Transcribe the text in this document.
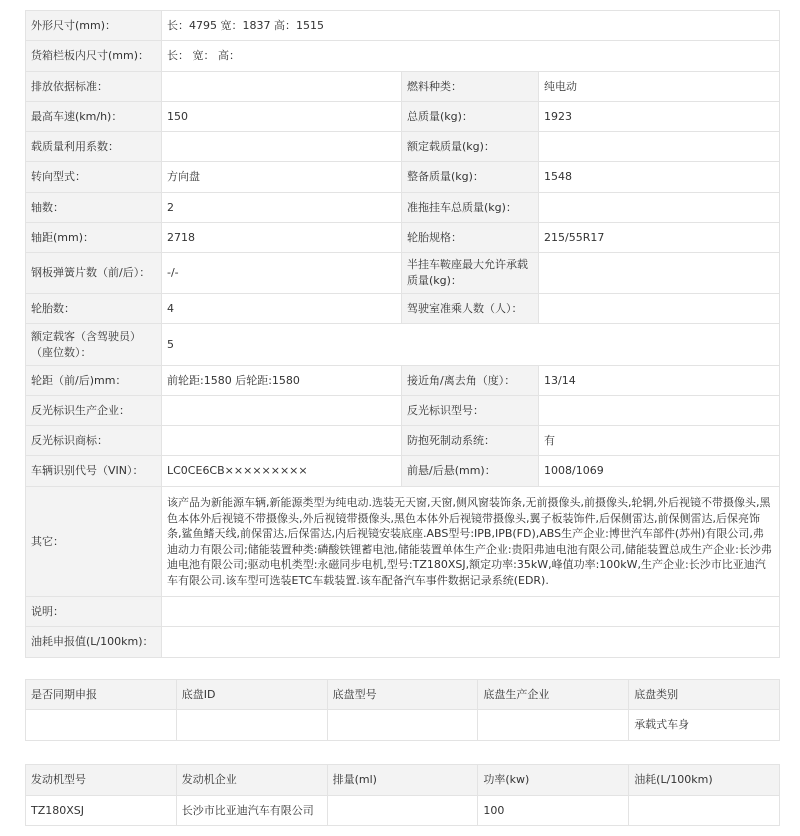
外形尺寸(mm)：	长：4795 宽：1837 高：1515		
货箱栏板内尺寸(mm)：	长： 宽： 高：		
排放依据标准：		燃料种类：	纯电动
最高车速(km/h)：	150	总质量(kg)：	1923
载质量利用系数：		额定载质量(kg)：	
转向型式：	方向盘	整备质量(kg)：	1548
轴数：	2	准拖挂车总质量(kg)：	
轴距(mm)：	2718	轮胎规格：	215/55R17
钢板弹簧片数（前/后）：	-/-	半挂车鞍座最大允许承载质量(kg)：	
轮胎数：	4	驾驶室准乘人数（人）：	
额定载客（含驾驶员）（座位数）：	5		
轮距（前/后)mm：	前轮距:1580 后轮距:1580	接近角/离去角（度）：	13/14
反光标识生产企业：		反光标识型号：	
反光标识商标：		防抱死制动系统：	有
车辆识别代号（VIN）：	LC0CE6CB×××××××××	前悬/后悬(mm)：	1008/1069
其它：	该产品为新能源车辆,新能源类型为纯电动.选装无天窗,天窗,侧风窗装饰条,无前摄像头,前摄像头,轮辋,外后视镜不带摄像头,黑色本体外后视镜不带摄像头,外后视镜带摄像头,黑色本体外后视镜带摄像头,翼子板装饰件,后保侧雷达,前保侧雷达,后保亮饰条,鲨鱼鳍天线,前保雷达,后保雷达,内后视镜安装底座.ABS型号:IPB,IPB(FD),ABS生产企业:博世汽车部件(苏州)有限公司,弗迪动力有限公司;储能装置种类:磷酸铁锂蓄电池,储能装置单体生产企业:贵阳弗迪电池有限公司,储能装置总成生产企业:长沙弗迪电池有限公司;驱动电机类型:永磁同步电机,型号:TZ180XSJ,额定功率:35kW,峰值功率:100kW,生产企业:长沙市比亚迪汽车有限公司.该车型可选装ETC车载装置.该车配备汽车事件数据记录系统(EDR).		
说明：			
油耗申报值(L/100km)：			
是否同期申报	底盘ID	底盘型号	底盘生产企业	底盘类别
				承载式车身
发动机型号	发动机企业	排量(ml)	功率(kw)	油耗(L/100km)
TZ180XSJ	长沙市比亚迪汽车有限公司		100	
